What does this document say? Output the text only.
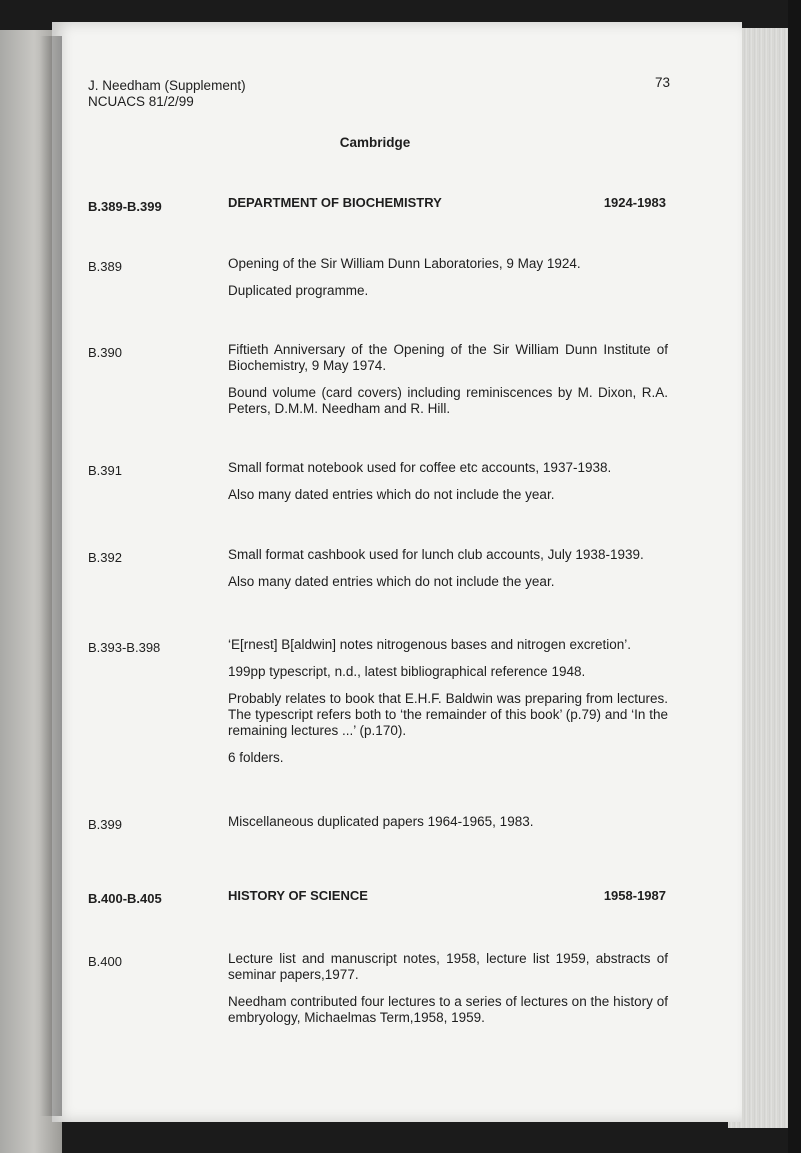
J. Needham (Supplement)
NCUACS 81/2/99
73
Cambridge
B.389-B.399	DEPARTMENT OF BIOCHEMISTRY	1924-1983
B.389	Opening of the Sir William Dunn Laboratories, 9 May 1924.

Duplicated programme.

B.390	Fiftieth Anniversary of the Opening of the Sir William Dunn Institute of Biochemistry, 9 May 1974.

Bound volume (card covers) including reminiscences by M. Dixon, R.A. Peters, D.M.M. Needham and R. Hill.

B.391	Small format notebook used for coffee etc accounts, 1937-1938.

Also many dated entries which do not include the year.

B.392	Small format cashbook used for lunch club accounts, July 1938-1939.

Also many dated entries which do not include the year.

B.393-B.398	‘E[rnest] B[aldwin] notes nitrogenous bases and nitrogen excretion’.

199pp typescript, n.d., latest bibliographical reference 1948.

Probably relates to book that E.H.F. Baldwin was preparing from lectures. The typescript refers both to ‘the remainder of this book’ (p.79) and ‘In the remaining lectures ...’ (p.170).

6 folders.

B.399	Miscellaneous duplicated papers 1964-1965, 1983.

B.400-B.405	HISTORY OF SCIENCE	1958-1987
B.400	Lecture list and manuscript notes, 1958, lecture list 1959, abstracts of seminar papers,1977.

Needham contributed four lectures to a series of lectures on the history of embryology, Michaelmas Term,1958, 1959.
